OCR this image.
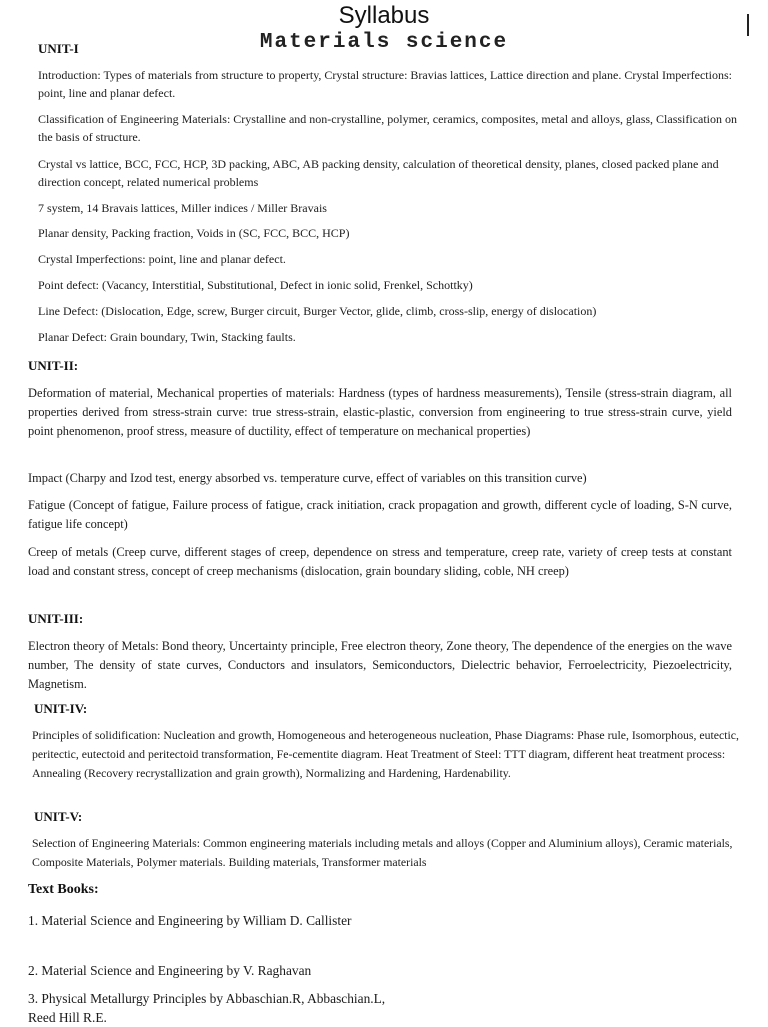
Syllabus
Materials science
UNIT-I
Introduction: Types of materials from structure to property, Crystal structure: Bravias lattices, Lattice direction and plane. Crystal Imperfections: point, line and planar defect.
Classification of Engineering Materials: Crystalline and non-crystalline, polymer, ceramics, composites, metal and alloys, glass, Classification on the basis of structure.
Crystal vs lattice, BCC, FCC, HCP, 3D packing, ABC, AB packing density, calculation of theoretical density, planes, closed packed plane and direction concept, related numerical problems
7 system, 14 Bravais lattices, Miller indices / Miller Bravais
Planar density, Packing fraction, Voids in (SC, FCC, BCC, HCP)
Crystal Imperfections: point, line and planar defect.
Point defect: (Vacancy, Interstitial, Substitutional, Defect in ionic solid, Frenkel, Schottky)
Line Defect: (Dislocation, Edge, screw, Burger circuit, Burger Vector, glide, climb, cross-slip, energy of dislocation)
Planar Defect: Grain boundary, Twin, Stacking faults.
UNIT-II:
Deformation of material, Mechanical properties of materials: Hardness (types of hardness measurements), Tensile (stress-strain diagram, all properties derived from stress-strain curve: true stress-strain, elastic-plastic, conversion from engineering to true stress-strain curve, yield point phenomenon, proof stress, measure of ductility, effect of temperature on mechanical properties)
Impact (Charpy and Izod test, energy absorbed vs. temperature curve, effect of variables on this transition curve)
Fatigue (Concept of fatigue, Failure process of fatigue, crack initiation, crack propagation and growth, different cycle of loading, S-N curve, fatigue life concept)
Creep of metals (Creep curve, different stages of creep, dependence on stress and temperature, creep rate, variety of creep tests at constant load and constant stress, concept of creep mechanisms (dislocation, grain boundary sliding, coble, NH creep)
UNIT-III:
Electron theory of Metals: Bond theory, Uncertainty principle, Free electron theory, Zone theory, The dependence of the energies on the wave number, The density of state curves, Conductors and insulators, Semiconductors, Dielectric behavior, Ferroelectricity, Piezoelectricity, Magnetism.
UNIT-IV:
Principles of solidification: Nucleation and growth, Homogeneous and heterogeneous nucleation, Phase Diagrams: Phase rule, Isomorphous, eutectic, peritectic, eutectoid and peritectoid transformation, Fe-cementite diagram. Heat Treatment of Steel: TTT diagram, different heat treatment process: Annealing (Recovery recrystallization and grain growth), Normalizing and Hardening, Hardenability.
UNIT-V:
Selection of Engineering Materials: Common engineering materials including metals and alloys (Copper and Aluminium alloys), Ceramic materials, Composite Materials, Polymer materials. Building materials, Transformer materials
Text Books:
1. Material Science and Engineering by William D. Callister
2. Material Science and Engineering by V. Raghavan
3. Physical Metallurgy Principles by Abbaschian.R, Abbaschian.L, Reed Hill R.E.
